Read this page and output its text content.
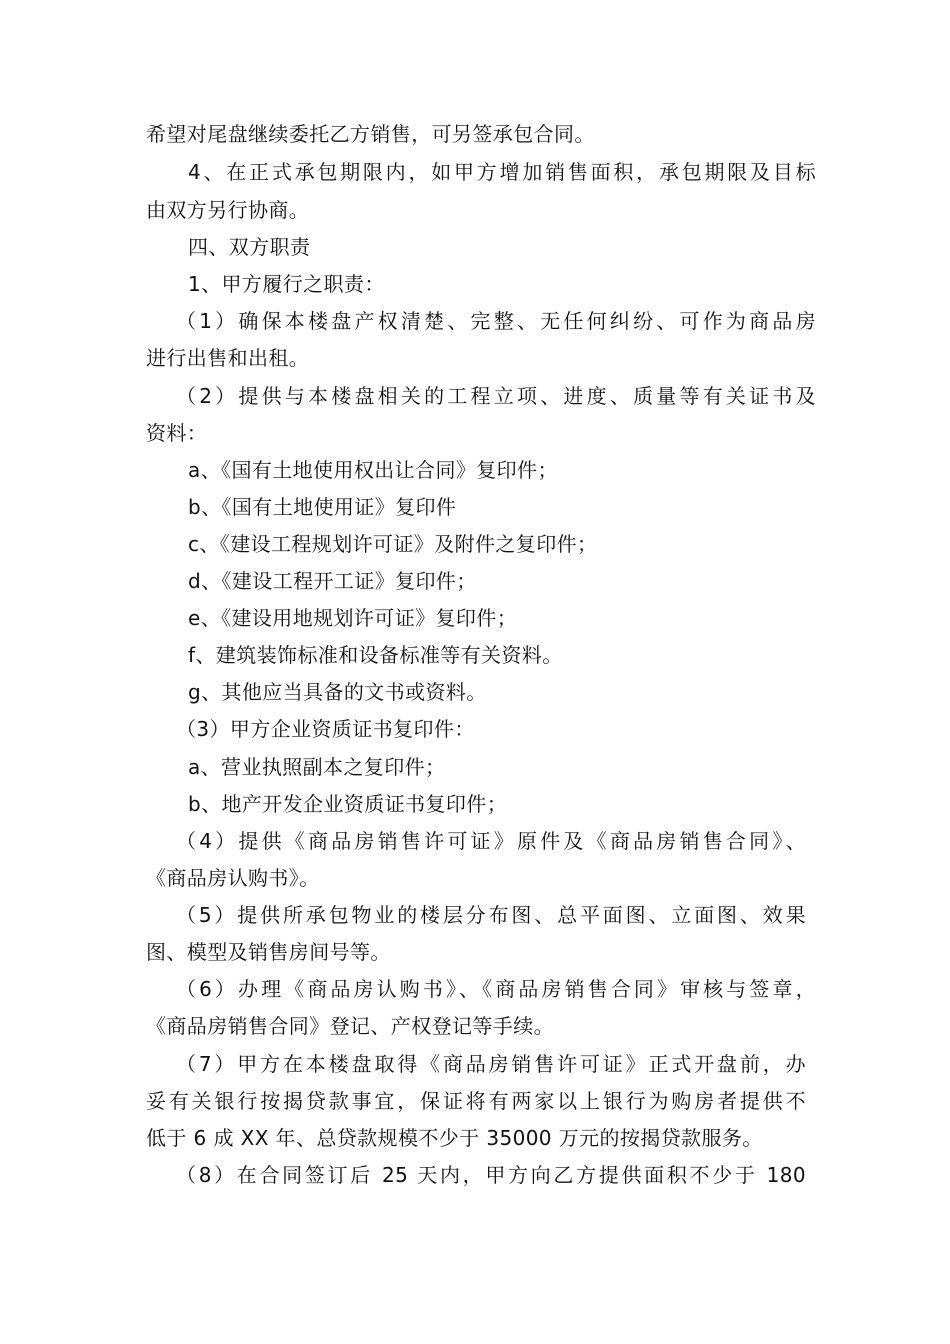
希望对尾盘继续委托乙方销售，可另签承包合同。
4、在正式承包期限内，如甲方增加销售面积，承包期限及目标
由双方另行协商。
四、双方职责
1、甲方履行之职责：
（1）确保本楼盘产权清楚、完整、无任何纠纷、可作为商品房
进行出售和出租。
（2）提供与本楼盘相关的工程立项、进度、质量等有关证书及
资料：
a、《国有土地使用权出让合同》复印件；
b、《国有土地使用证》复印件
c、《建设工程规划许可证》及附件之复印件；
d、《建设工程开工证》复印件；
e、《建设用地规划许可证》复印件；
f、建筑装饰标准和设备标准等有关资料。
g、其他应当具备的文书或资料。
（3）甲方企业资质证书复印件：
a、营业执照副本之复印件；
b、地产开发企业资质证书复印件；
（4）提供《商品房销售许可证》原件及《商品房销售合同》、
《商品房认购书》。
（5）提供所承包物业的楼层分布图、总平面图、立面图、效果
图、模型及销售房间号等。
（6）办理《商品房认购书》、《商品房销售合同》审核与签章，
《商品房销售合同》登记、产权登记等手续。
（7）甲方在本楼盘取得《商品房销售许可证》正式开盘前，办
妥有关银行按揭贷款事宜，保证将有两家以上银行为购房者提供不
低于 6 成 XX 年、总贷款规模不少于 35000 万元的按揭贷款服务。
（8）在合同签订后 25 天内，甲方向乙方提供面积不少于 180
